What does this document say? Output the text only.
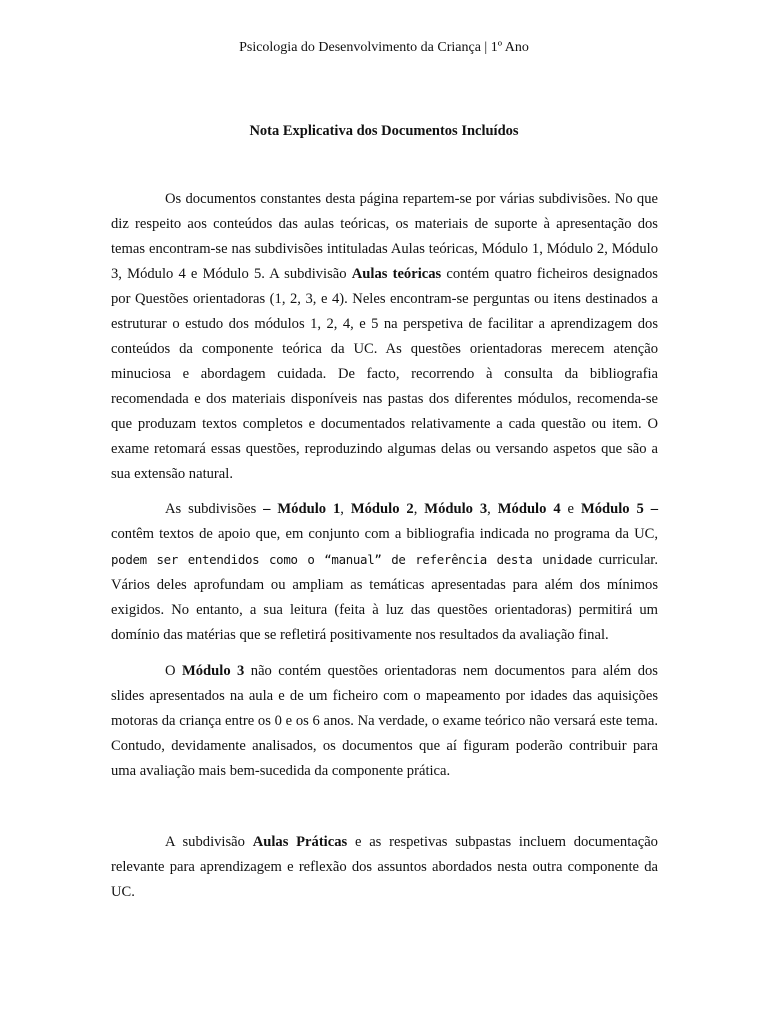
Psicologia do Desenvolvimento da Criança | 1º Ano
Nota Explicativa dos Documentos Incluídos

Os documentos constantes desta página repartem-se por várias subdivisões. No que diz respeito aos conteúdos das aulas teóricas, os materiais de suporte à apresentação dos temas encontram-se nas subdivisões intituladas Aulas teóricas, Módulo 1, Módulo 2, Módulo 3, Módulo 4 e Módulo 5. A subdivisão Aulas teóricas contém quatro ficheiros designados por Questões orientadoras (1, 2, 3, e 4). Neles encontram-se perguntas ou itens destinados a estruturar o estudo dos módulos 1, 2, 4, e 5 na perspetiva de facilitar a aprendizagem dos conteúdos da componente teórica da UC. As questões orientadoras merecem atenção minuciosa e abordagem cuidada. De facto, recorrendo à consulta da bibliografia recomendada e dos materiais disponíveis nas pastas dos diferentes módulos, recomenda-se que produzam textos completos e documentados relativamente a cada questão ou item. O exame retomará essas questões, reproduzindo algumas delas ou versando aspetos que são a sua extensão natural.

As subdivisões – Módulo 1, Módulo 2, Módulo 3, Módulo 4 e Módulo 5 – contêm textos de apoio que, em conjunto com a bibliografia indicada no programa da UC, podem ser entendidos como o “manual” de referência desta unidade curricular. Vários deles aprofundam ou ampliam as temáticas apresentadas para além dos mínimos exigidos. No entanto, a sua leitura (feita à luz das questões orientadoras) permitirá um domínio das matérias que se refletirá positivamente nos resultados da avaliação final.

O Módulo 3 não contém questões orientadoras nem documentos para além dos slides apresentados na aula e de um ficheiro com o mapeamento por idades das aquisições motoras da criança entre os 0 e os 6 anos. Na verdade, o exame teórico não versará este tema. Contudo, devidamente analisados, os documentos que aí figuram poderão contribuir para uma avaliação mais bem-sucedida da componente prática.

A subdivisão Aulas Práticas e as respetivas subpastas incluem documentação relevante para aprendizagem e reflexão dos assuntos abordados nesta outra componente da UC.
